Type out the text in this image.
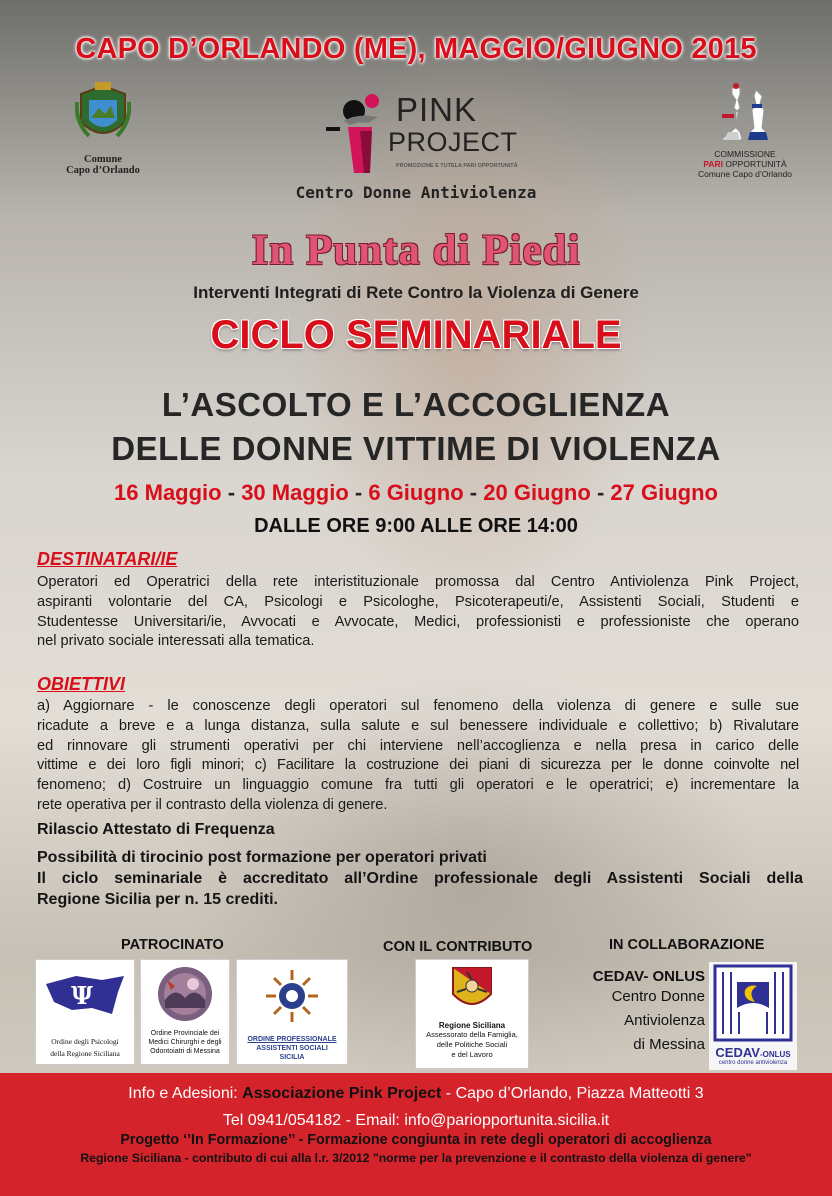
CAPO D’ORLANDO (ME), MAGGIO/GIUGNO 2015
Comune
Capo d’Orlando
PINK
PROJECT
PROMOZIONE E TUTELA PARI OPPORTUNITÀ
Centro Donne Antiviolenza
COMMISSIONE
PARI OPPORTUNITÀ
Comune Capo d’Orlando
In Punta di Piedi
Interventi Integrati di Rete Contro la Violenza di Genere
CICLO SEMINARIALE
L’ASCOLTO E L’ACCOGLIENZA
DELLE DONNE VITTIME DI VIOLENZA
16 Maggio - 30 Maggio - 6 Giugno - 20 Giugno - 27 Giugno
DALLE ORE 9:00 ALLE ORE 14:00
DESTINATARI/IE
Operatori ed Operatrici della rete interistituzionale promossa dal Centro Antiviolenza Pink Project,
aspiranti volontarie del CA, Psicologi e Psicologhe, Psicoterapeuti/e, Assistenti Sociali, Studenti e
Studentesse Universitari/ie, Avvocati e Avvocate, Medici, professionisti e professioniste che operano
nel privato sociale interessati alla tematica.
OBIETTIVI
a) Aggiornare - le conoscenze degli operatori sul fenomeno della violenza di genere e sulle sue
ricadute a breve e a lunga distanza, sulla salute e sul benessere individuale e collettivo; b) Rivalutare
ed rinnovare gli strumenti operativi per chi interviene nell’accoglienza e nella presa in carico delle
vittime e dei loro figli minori; c) Facilitare la costruzione dei piani di sicurezza per le donne coinvolte nel
fenomeno; d) Costruire un linguaggio comune fra tutti gli operatori e le operatrici; e) incrementare la
rete operativa per il contrasto della violenza di genere.
Rilascio Attestato di Frequenza
Possibilità di tirocinio post formazione per operatori privati
Il ciclo seminariale è accreditato all’Ordine professionale degli Assistenti Sociali della
Regione Sicilia per n. 15 crediti.
PATROCINATO	CON IL CONTRIBUTO	IN COLLABORAZIONE
Ψ
Ordine degli Psicologi
della Regione Siciliana
Ordine Provinciale dei
Medici Chirurghi e degli
Odontoiatri di Messina
ORDINE PROFESSIONALE
ASSISTENTI SOCIALI
SICILIA
Regione Siciliana
Assessorato della Famiglia,
delle Politiche Sociali
e del Lavoro
CEDAV- ONLUS
Centro Donne
Antiviolenza
di Messina CEDAV-ONLUS
centro donne antiviolenza
Info e Adesioni: Associazione Pink Project - Capo d’Orlando, Piazza Matteotti 3
Tel 0941/054182 - Email: info@pariopportunita.sicilia.it
Progetto ‘’In Formazione’’ - Formazione congiunta in rete degli operatori di accoglienza
Regione Siciliana - contributo di cui alla l.r. 3/2012 "norme per la prevenzione e il contrasto della violenza di genere"
